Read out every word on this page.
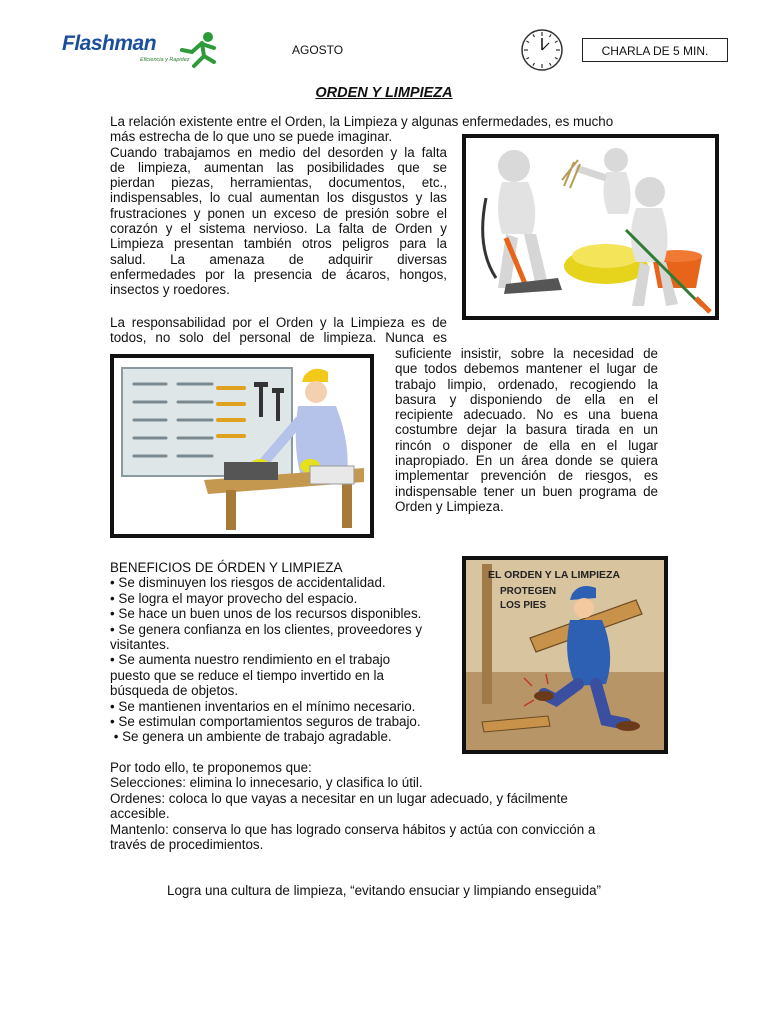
Flashman
Eficiencia y Rapidez
AGOSTO	CHARLA DE 5 MIN.
ORDEN Y LIMPIEZA

La relación existente entre el Orden, la Limpieza y algunas enfermedades, es mucho

más estrecha de lo que uno se puede imaginar.

Cuando trabajamos en medio del desorden y la falta

de limpieza, aumentan las posibilidades que se

pierdan piezas, herramientas, documentos, etc.,

indispensables, lo cual aumentan los disgustos y las

frustraciones y ponen un exceso de presión sobre el

corazón y el sistema nervioso. La falta de Orden y

Limpieza presentan también otros peligros para la

salud. La amenaza de adquirir diversas

enfermedades por la presencia de ácaros, hongos,

insectos y roedores.

La responsabilidad por el Orden y la Limpieza es de

todos, no solo del personal de limpieza. Nunca es

suficiente insistir, sobre la necesidad de

que todos debemos mantener el lugar de

trabajo limpio, ordenado, recogiendo la

basura y disponiendo de ella en el

recipiente adecuado. No es una buena

costumbre dejar la basura tirada en un

rincón o disponer de ella en el lugar

inapropiado. En un área donde se quiera

implementar prevención de riesgos, es

indispensable tener un buen programa de

Orden y Limpieza.

BENEFICIOS DE ÓRDEN Y LIMPIEZA
• Se disminuyen los riesgos de accidentalidad.
• Se logra el mayor provecho del espacio.
• Se hace un buen unos de los recursos disponibles.
• Se genera confianza en los clientes, proveedores y
visitantes.
• Se aumenta nuestro rendimiento en el trabajo
puesto que se reduce el tiempo invertido en la
búsqueda de objetos.
• Se mantienen inventarios en el mínimo necesario.
• Se estimulan comportamientos seguros de trabajo.
• Se genera un ambiente de trabajo agradable.
EL ORDEN Y LA LIMPIEZA
PROTEGEN
LOS PIES
Por todo ello, te proponemos que:
Selecciones: elimina lo innecesario, y clasifica lo útil.
Ordenes: coloca lo que vayas a necesitar en un lugar adecuado, y fácilmente
accesible.
Mantenlo: conserva lo que has logrado conserva hábitos y actúa con convicción a
través de procedimientos.
Logra una cultura de limpieza, “evitando ensuciar y limpiando enseguida”
